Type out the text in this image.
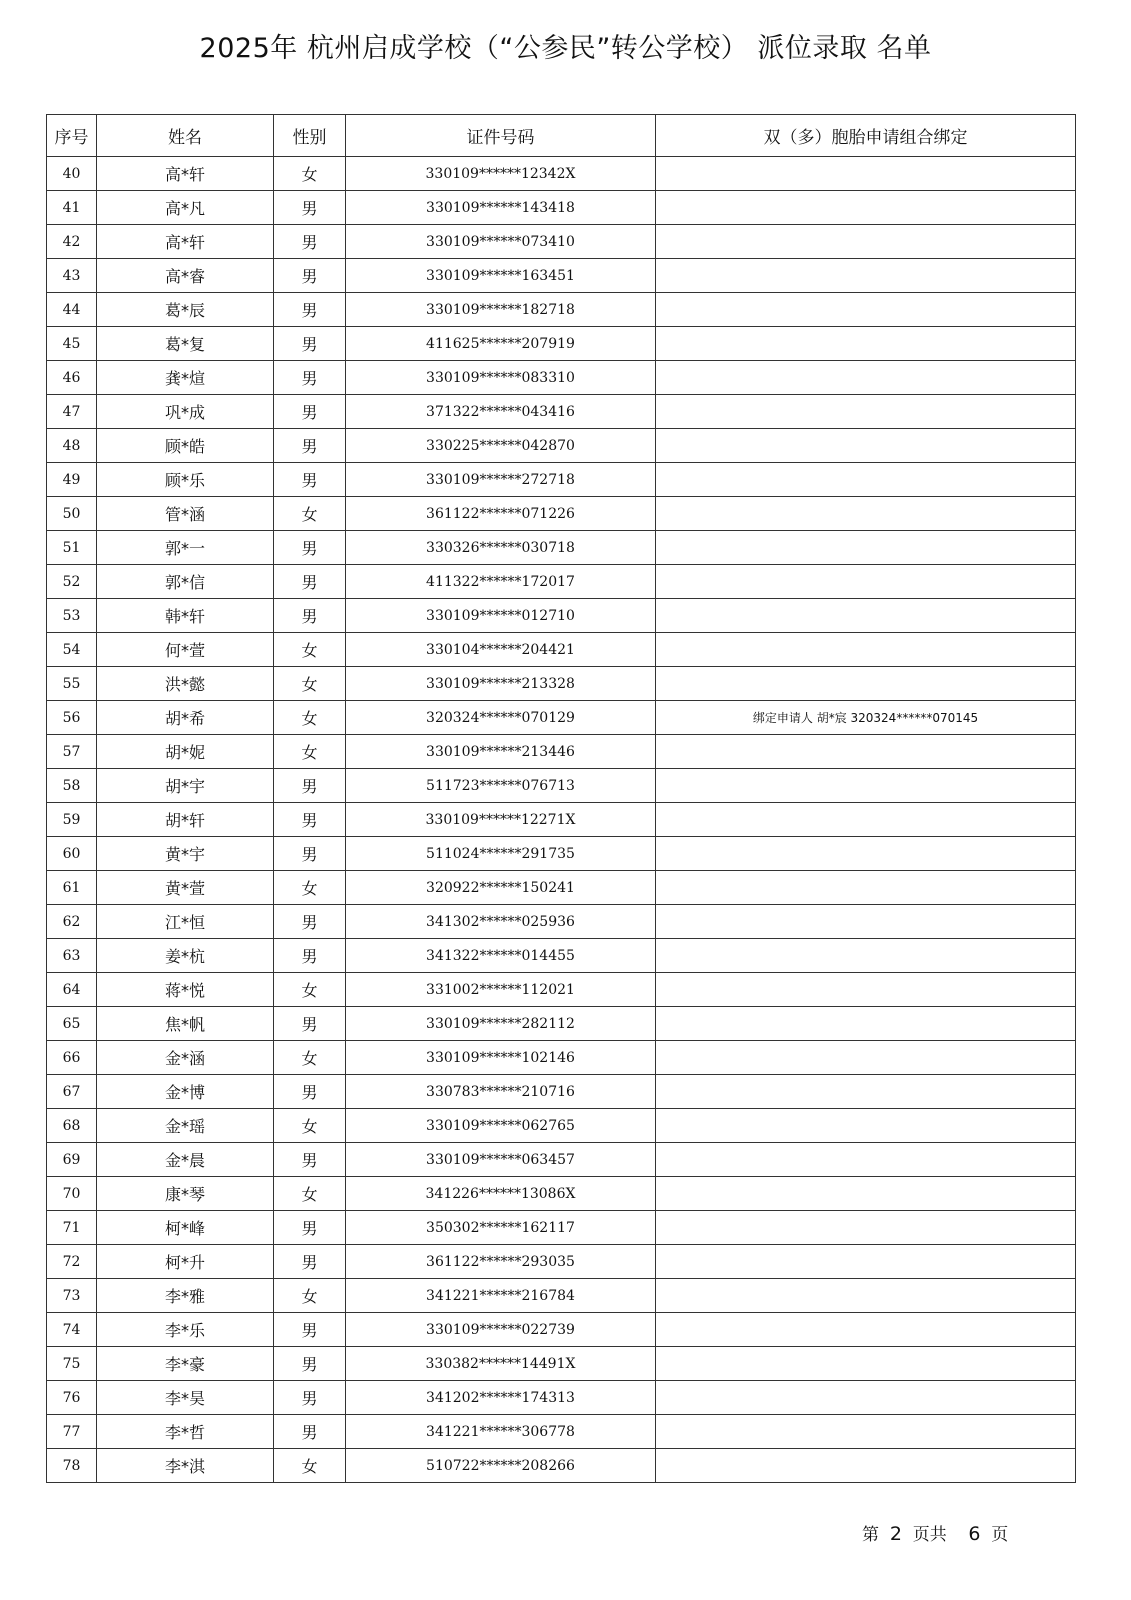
2025年 杭州启成学校（“公参民”转公学校） 派位录取 名单
序号	姓名	性别	证件号码	双（多）胞胎申请组合绑定
40	高*轩	女	330109******12342X	
41	高*凡	男	330109******143418	
42	高*轩	男	330109******073410	
43	高*睿	男	330109******163451	
44	葛*辰	男	330109******182718	
45	葛*复	男	411625******207919	
46	龚*煊	男	330109******083310	
47	巩*成	男	371322******043416	
48	顾*皓	男	330225******042870	
49	顾*乐	男	330109******272718	
50	管*涵	女	361122******071226	
51	郭*一	男	330326******030718	
52	郭*信	男	411322******172017	
53	韩*轩	男	330109******012710	
54	何*萱	女	330104******204421	
55	洪*懿	女	330109******213328	
56	胡*希	女	320324******070129	绑定申请人 胡*宸 320324******070145
57	胡*妮	女	330109******213446	
58	胡*宇	男	511723******076713	
59	胡*轩	男	330109******12271X	
60	黄*宇	男	511024******291735	
61	黄*萱	女	320922******150241	
62	江*恒	男	341302******025936	
63	姜*杭	男	341322******014455	
64	蒋*悦	女	331002******112021	
65	焦*帆	男	330109******282112	
66	金*涵	女	330109******102146	
67	金*博	男	330783******210716	
68	金*瑶	女	330109******062765	
69	金*晨	男	330109******063457	
70	康*琴	女	341226******13086X	
71	柯*峰	男	350302******162117	
72	柯*升	男	361122******293035	
73	李*雅	女	341221******216784	
74	李*乐	男	330109******022739	
75	李*豪	男	330382******14491X	
76	李*昊	男	341202******174313	
77	李*哲	男	341221******306778	
78	李*淇	女	510722******208266	
第 2 页共 6 页
